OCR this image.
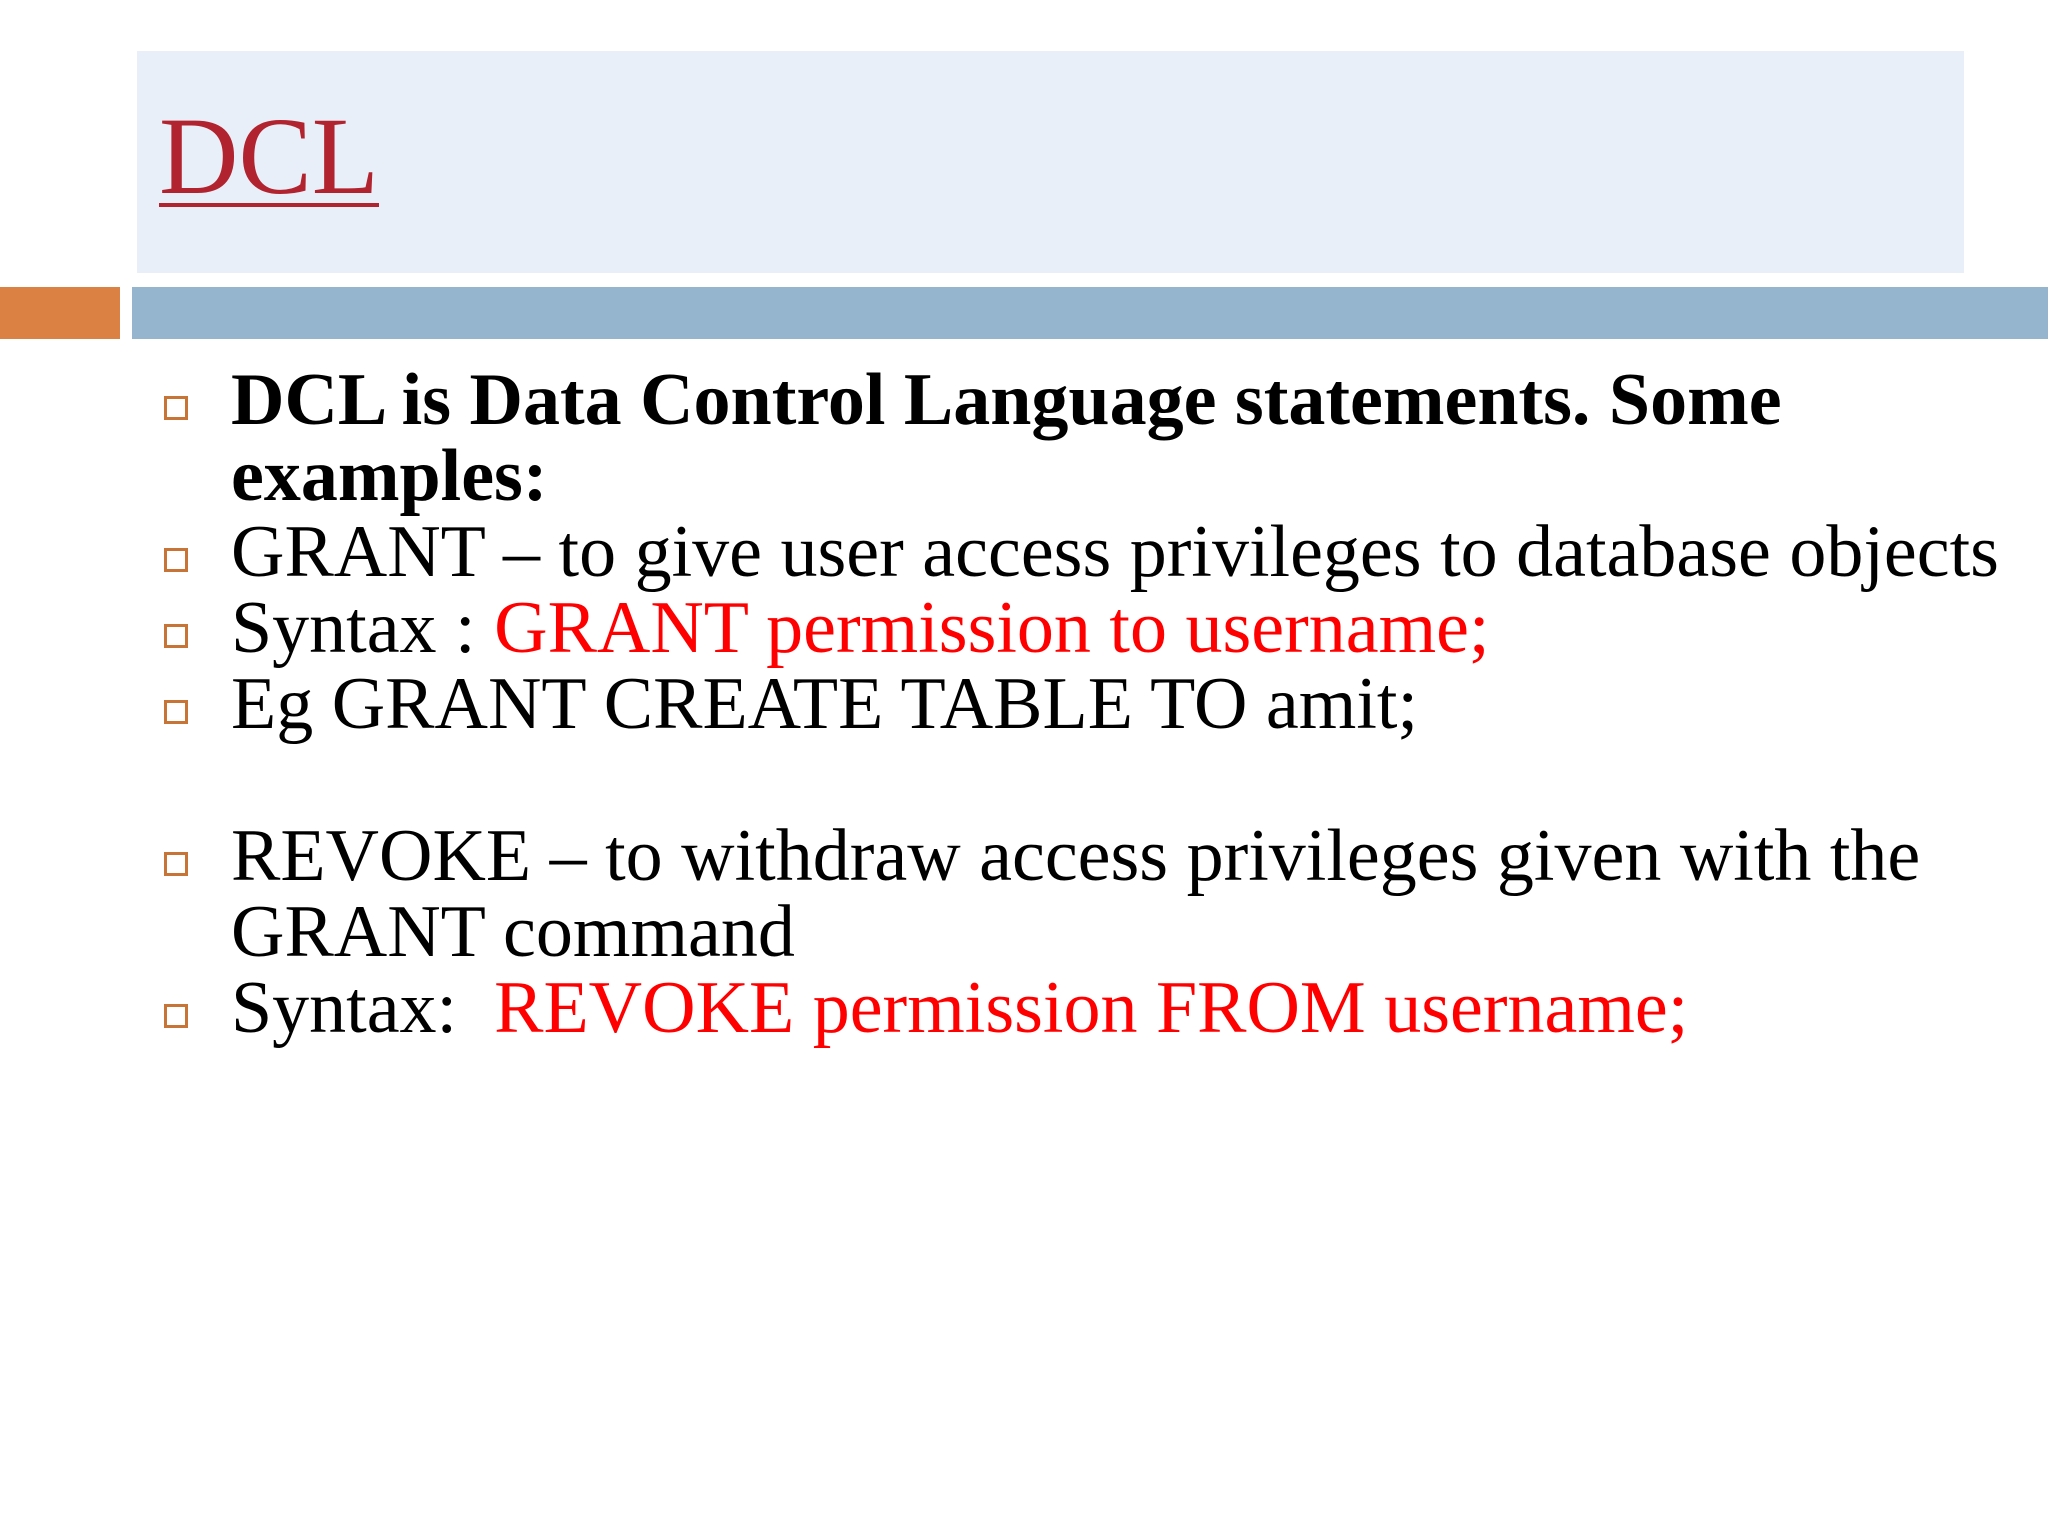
DCL
DCL is Data Control Language statements. Some examples:
GRANT – to give user access privileges to database objects
Syntax : GRANT permission to username;
Eg GRANT CREATE TABLE TO amit;
REVOKE – to withdraw access privileges given with the GRANT command
Syntax:  REVOKE permission FROM username;
